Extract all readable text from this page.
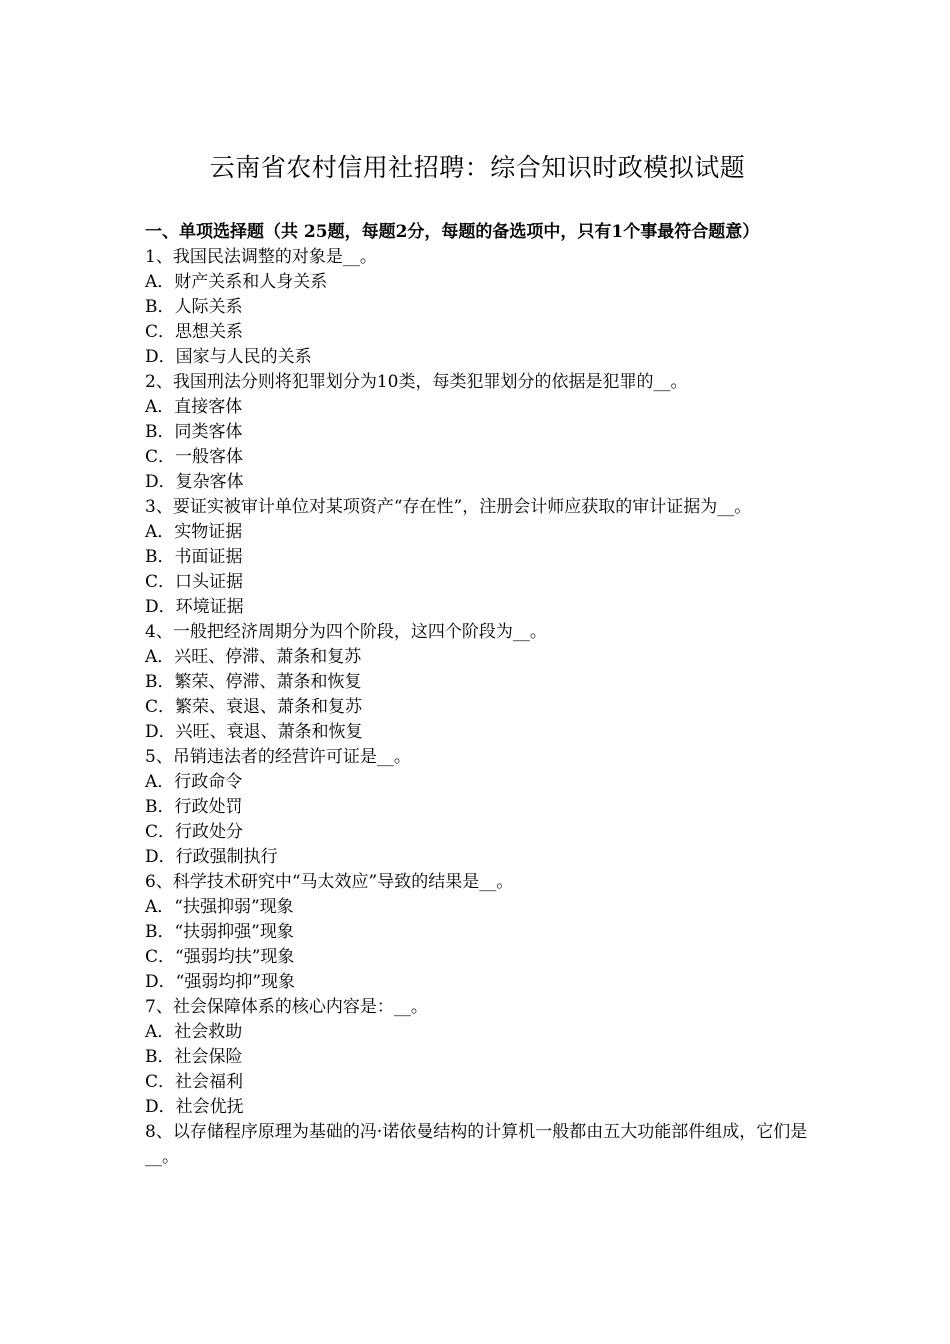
云南省农村信用社招聘：综合知识时政模拟试题

一、单项选择题（共 25题，每题2分，每题的备选项中，只有1个事最符合题意）

1、我国民法调整的对象是__。

A．财产关系和人身关系

B．人际关系

C．思想关系

D．国家与人民的关系

2、我国刑法分则将犯罪划分为10类，每类犯罪划分的依据是犯罪的__。

A．直接客体

B．同类客体

C．一般客体

D．复杂客体

3、要证实被审计单位对某项资产“存在性”，注册会计师应获取的审计证据为__。

A．实物证据

B．书面证据

C．口头证据

D．环境证据

4、一般把经济周期分为四个阶段，这四个阶段为__。

A．兴旺、停滞、萧条和复苏

B．繁荣、停滞、萧条和恢复

C．繁荣、衰退、萧条和复苏

D．兴旺、衰退、萧条和恢复

5、吊销违法者的经营许可证是__。

A．行政命令

B．行政处罚

C．行政处分

D．行政强制执行

6、科学技术研究中“马太效应”导致的结果是__。

A．“扶强抑弱”现象

B．“扶弱抑强”现象

C．“强弱均扶”现象

D．“强弱均抑”现象

7、社会保障体系的核心内容是：__。

A．社会救助

B．社会保险

C．社会福利

D．社会优抚

8、以存储程序原理为基础的冯·诺依曼结构的计算机一般都由五大功能部件组成，它们是__。
